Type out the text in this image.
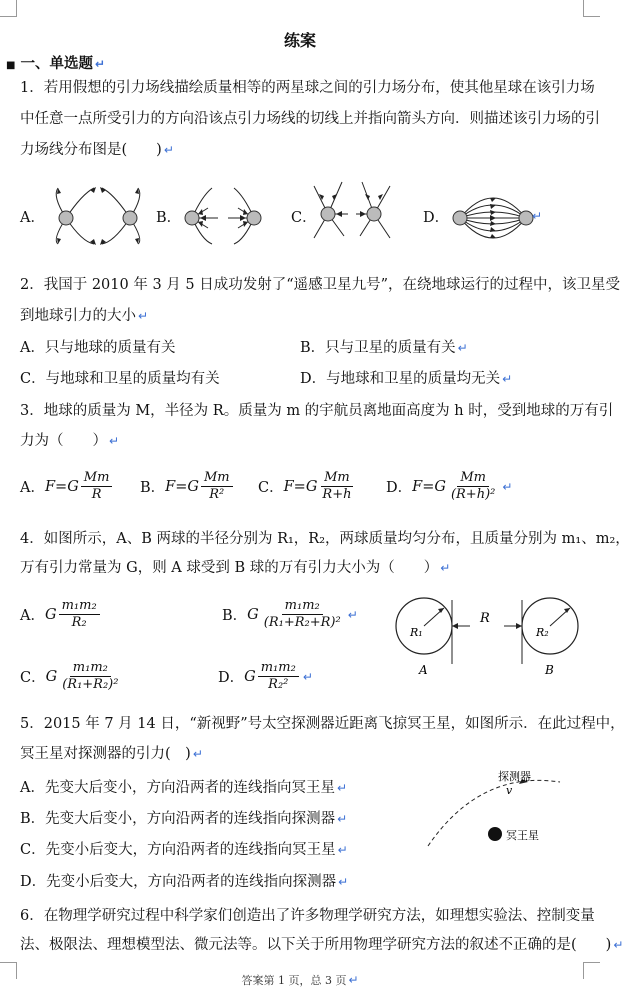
练案
■ 一、单选题 ↵
1．若用假想的引力场线描绘质量相等的两星球之间的引力场分布，使其他星球在该引力场
中任意一点所受引力的方向沿该点引力场线的切线上并指向箭头方向．则描述该引力场的引
力场线分布图是(　　) ↵
A．	B．	C．	D．	↵
2．我国于 2010 年 3 月 5 日成功发射了“遥感卫星九号”，在绕地球运行的过程中，该卫星受
到地球引力的大小 ↵
A．只与地球的质量有关	B．只与卫星的质量有关 ↵
C．与地球和卫星的质量均有关	D．与地球和卫星的质量均无关 ↵
3．地球的质量为 M，半径为 R。质量为 m 的宇航员离地面高度为 h 时，受到地球的万有引
力为（　　） ↵
A． F=G
Mm
R	B． F=G
Mm
R² C． F=G
Mm
R+h D． F=G
Mm
(R+h)²
↵
4．如图所示，A、B 两球的半径分别为 R₁，R₂，两球质量均匀分布，且质量分别为 m₁、m₂，
万有引力常量为 G，则 A 球受到 B 球的万有引力大小为（　　） ↵
A． G
m₁m₂
R₂	B． G
m₁m₂
(R₁+R₂+R)²
↵
C． G
m₁m₂
(R₁+R₂)²	D． G
m₁m₂
R₂²
↵
R
R₁	R₂
A	B
5．2015 年 7 月 14 日，“新视野”号太空探测器近距离飞掠冥王星，如图所示．在此过程中，
冥王星对探测器的引力(　) ↵
A．先变大后变小，方向沿两者的连线指向冥王星 ↵
B．先变大后变小，方向沿两者的连线指向探测器 ↵
C．先变小后变大，方向沿两者的连线指向冥王星 ↵
D．先变小后变大，方向沿两者的连线指向探测器 ↵
探测器
v
冥王星
6．在物理学研究过程中科学家们创造出了许多物理学研究方法，如理想实验法、控制变量
法、极限法、理想模型法、微元法等。以下关于所用物理学研究方法的叙述不正确的是(　　) ↵
答案第 1 页，总 3 页 ↵
